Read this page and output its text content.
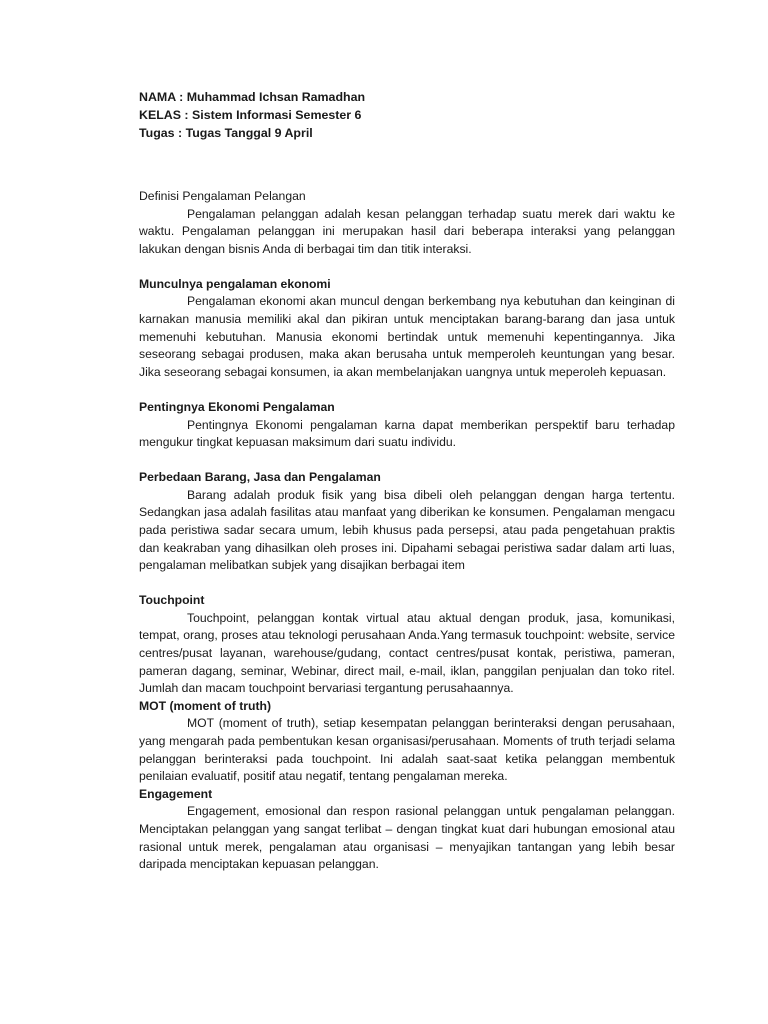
NAMA : Muhammad Ichsan Ramadhan

KELAS : Sistem Informasi Semester 6

Tugas : Tugas Tanggal 9 April

Definisi Pengalaman Pelangan

Pengalaman pelanggan adalah kesan pelanggan terhadap suatu merek dari waktu ke waktu. Pengalaman pelanggan ini merupakan hasil dari beberapa interaksi yang pelanggan lakukan dengan bisnis Anda di berbagai tim dan titik interaksi.

Munculnya pengalaman ekonomi

Pengalaman ekonomi akan muncul dengan berkembang nya kebutuhan dan keinginan di karnakan manusia memiliki akal dan pikiran untuk menciptakan barang-barang dan jasa untuk memenuhi kebutuhan. Manusia ekonomi bertindak untuk memenuhi kepentingannya. Jika seseorang sebagai produsen, maka akan berusaha untuk memperoleh keuntungan yang besar. Jika seseorang sebagai konsumen, ia akan membelanjakan uangnya untuk meperoleh kepuasan.

Pentingnya Ekonomi Pengalaman

Pentingnya Ekonomi pengalaman karna dapat memberikan perspektif baru terhadap mengukur tingkat kepuasan maksimum dari suatu individu.

Perbedaan Barang, Jasa dan Pengalaman

Barang adalah produk fisik yang bisa dibeli oleh pelanggan dengan harga tertentu. Sedangkan jasa adalah fasilitas atau manfaat yang diberikan ke konsumen. Pengalaman mengacu pada peristiwa sadar secara umum, lebih khusus pada persepsi, atau pada pengetahuan praktis dan keakraban yang dihasilkan oleh proses ini. Dipahami sebagai peristiwa sadar dalam arti luas, pengalaman melibatkan subjek yang disajikan berbagai item

Touchpoint

Touchpoint, pelanggan kontak virtual atau aktual dengan produk, jasa, komunikasi, tempat, orang, proses atau teknologi perusahaan Anda.Yang termasuk touchpoint: website, service centres/pusat layanan, warehouse/gudang, contact centres/pusat kontak, peristiwa, pameran, pameran dagang, seminar, Webinar, direct mail, e-mail, iklan, panggilan penjualan dan toko ritel. Jumlah dan macam touchpoint bervariasi tergantung perusahaannya.

MOT (moment of truth)

MOT (moment of truth), setiap kesempatan pelanggan berinteraksi dengan perusahaan, yang mengarah pada pembentukan kesan organisasi/perusahaan. Moments of truth terjadi selama pelanggan berinteraksi pada touchpoint. Ini adalah saat-saat ketika pelanggan membentuk penilaian evaluatif, positif atau negatif, tentang pengalaman mereka.

Engagement

Engagement, emosional dan respon rasional pelanggan untuk pengalaman pelanggan. Menciptakan pelanggan yang sangat terlibat – dengan tingkat kuat dari hubungan emosional atau rasional untuk merek, pengalaman atau organisasi – menyajikan tantangan yang lebih besar daripada menciptakan kepuasan pelanggan.
